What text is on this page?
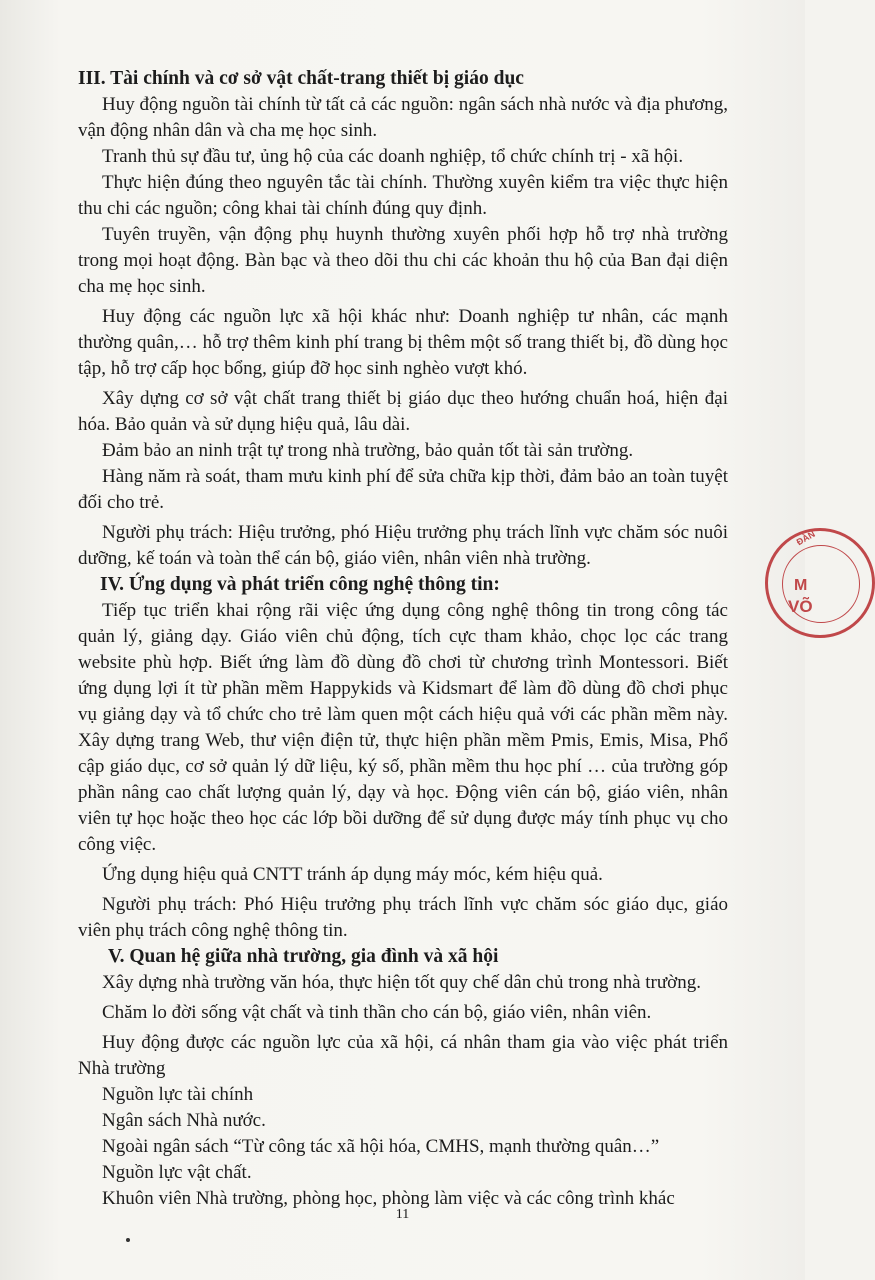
III. Tài chính và cơ sở vật chất-trang thiết bị giáo dục

Huy động nguồn tài chính từ tất cả các nguồn: ngân sách nhà nước và địa phương, vận động nhân dân và cha mẹ học sinh.

Tranh thủ sự đầu tư, ủng hộ của các doanh nghiệp, tổ chức chính trị - xã hội.

Thực hiện đúng theo nguyên tắc tài chính. Thường xuyên kiểm tra việc thực hiện thu chi các nguồn; công khai tài chính đúng quy định.

Tuyên truyền, vận động phụ huynh thường xuyên phối hợp hỗ trợ nhà trường trong mọi hoạt động. Bàn bạc và theo dõi thu chi các khoản thu hộ của Ban đại diện cha mẹ học sinh.

Huy động các nguồn lực xã hội khác như: Doanh nghiệp tư nhân, các mạnh thường quân,… hỗ trợ thêm kinh phí trang bị thêm một số trang thiết bị, đồ dùng học tập, hỗ trợ cấp học bổng, giúp đỡ học sinh nghèo vượt khó.

Xây dựng cơ sở vật chất trang thiết bị giáo dục theo hướng chuẩn hoá, hiện đại hóa. Bảo quản và sử dụng hiệu quả, lâu dài.

Đảm bảo an ninh trật tự trong nhà trường, bảo quản tốt tài sản trường.

Hàng năm rà soát, tham mưu kinh phí để sửa chữa kịp thời, đảm bảo an toàn tuyệt đối cho trẻ.

Người phụ trách: Hiệu trưởng, phó Hiệu trưởng phụ trách lĩnh vực chăm sóc nuôi dưỡng, kế toán và toàn thể cán bộ, giáo viên, nhân viên nhà trường.

IV. Ứng dụng và phát triển công nghệ thông tin:

Tiếp tục triển khai rộng rãi việc ứng dụng công nghệ thông tin trong công tác quản lý, giảng dạy. Giáo viên chủ động, tích cực tham khảo, chọc lọc các trang website phù hợp. Biết ứng làm đồ dùng đồ chơi từ chương trình Montessori. Biết ứng dụng lợi ít từ phần mềm Happykids và Kidsmart để làm đồ dùng đồ chơi phục vụ giảng dạy và tổ chức cho trẻ làm quen một cách hiệu quả với các phần mềm này. Xây dựng trang Web, thư viện điện tử, thực hiện phần mềm Pmis, Emis, Misa, Phổ cập giáo dục, cơ sở quản lý dữ liệu, ký số, phần mềm thu học phí … của trường góp phần nâng cao chất lượng quản lý, dạy và học. Động viên cán bộ, giáo viên, nhân viên tự học hoặc theo học các lớp bồi dưỡng để sử dụng được máy tính phục vụ cho công việc.

Ứng dụng hiệu quả CNTT tránh áp dụng máy móc, kém hiệu quả.

Người phụ trách: Phó Hiệu trưởng phụ trách lĩnh vực chăm sóc giáo dục, giáo viên phụ trách công nghệ thông tin.

V. Quan hệ giữa nhà trường, gia đình và xã hội

Xây dựng nhà trường văn hóa, thực hiện tốt quy chế dân chủ trong nhà trường.

Chăm lo đời sống vật chất và tinh thần cho cán bộ, giáo viên, nhân viên.

Huy động được các nguồn lực của xã hội, cá nhân tham gia vào việc phát triển Nhà trường

Nguồn lực tài chính

Ngân sách Nhà nước.

Ngoài ngân sách “Từ công tác xã hội hóa, CMHS, mạnh thường quân…”

Nguồn lực vật chất.

Khuôn viên Nhà trường, phòng học, phòng làm việc và các công trình khác

M
VÕ
ĐÀN
11
